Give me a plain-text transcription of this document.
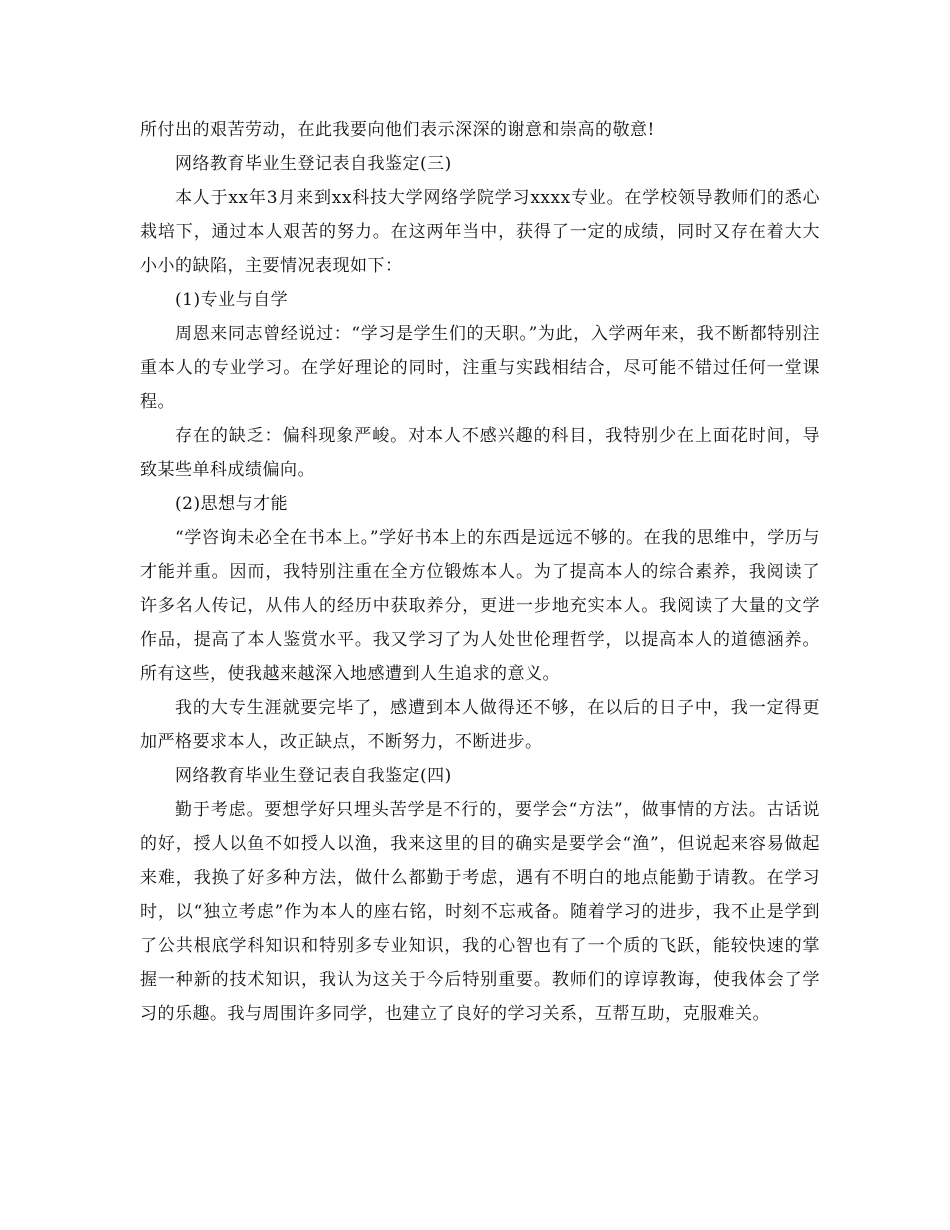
所付出的艰苦劳动，在此我要向他们表示深深的谢意和崇高的敬意!

网络教育毕业生登记表自我鉴定(三)

本人于xx年3月来到xx科技大学网络学院学习xxxx专业。在学校领导教师们的悉心栽培下，通过本人艰苦的努力。在这两年当中，获得了一定的成绩，同时又存在着大大小小的缺陷，主要情况表现如下：

(1)专业与自学

周恩来同志曾经说过：“学习是学生们的天职。”为此，入学两年来，我不断都特别注重本人的专业学习。在学好理论的同时，注重与实践相结合，尽可能不错过任何一堂课程。

存在的缺乏：偏科现象严峻。对本人不感兴趣的科目，我特别少在上面花时间，导致某些单科成绩偏向。

(2)思想与才能

“学咨询未必全在书本上。”学好书本上的东西是远远不够的。在我的思维中，学历与才能并重。因而，我特别注重在全方位锻炼本人。为了提高本人的综合素养，我阅读了许多名人传记，从伟人的经历中获取养分，更进一步地充实本人。我阅读了大量的文学作品，提高了本人鉴赏水平。我又学习了为人处世伦理哲学，以提高本人的道德涵养。所有这些，使我越来越深入地感遭到人生追求的意义。

我的大专生涯就要完毕了，感遭到本人做得还不够，在以后的日子中，我一定得更加严格要求本人，改正缺点，不断努力，不断进步。

网络教育毕业生登记表自我鉴定(四)

勤于考虑。要想学好只埋头苦学是不行的，要学会“方法”，做事情的方法。古话说的好，授人以鱼不如授人以渔，我来这里的目的确实是要学会“渔”，但说起来容易做起来难，我换了好多种方法，做什么都勤于考虑，遇有不明白的地点能勤于请教。在学习时，以“独立考虑”作为本人的座右铭，时刻不忘戒备。随着学习的进步，我不止是学到了公共根底学科知识和特别多专业知识，我的心智也有了一个质的飞跃，能较快速的掌握一种新的技术知识，我认为这关于今后特别重要。教师们的谆谆教诲，使我体会了学习的乐趣。我与周围许多同学，也建立了良好的学习关系，互帮互助，克服难关。
